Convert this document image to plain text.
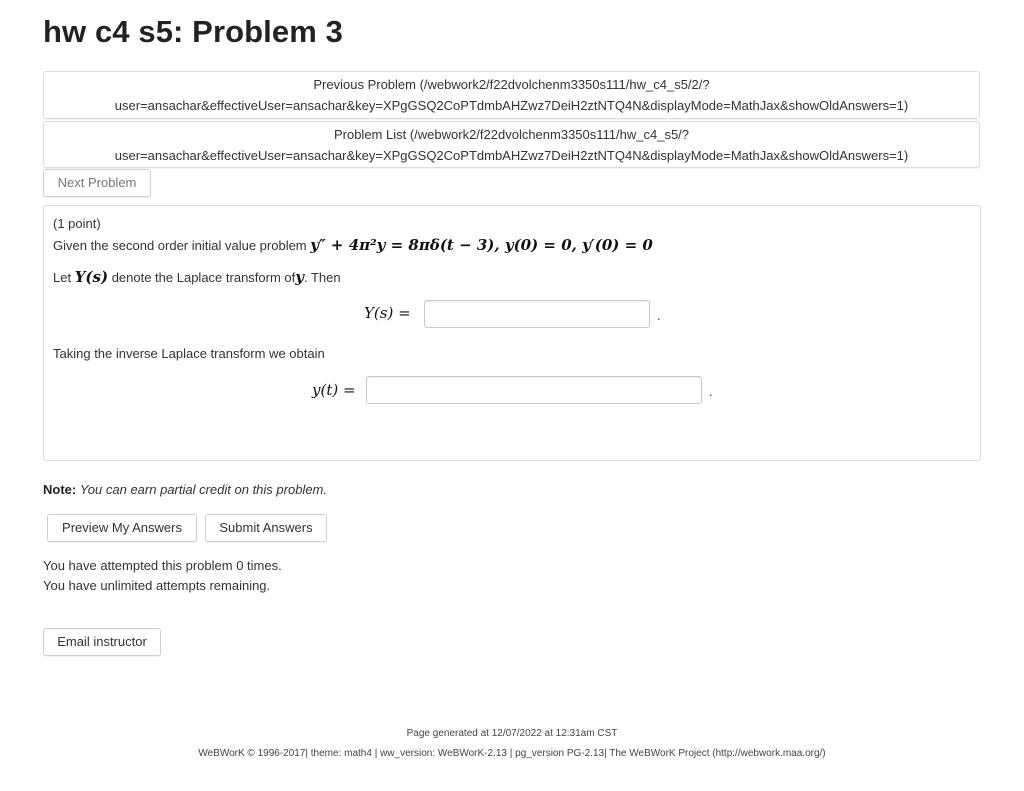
hw c4 s5: Problem 3
Previous Problem (/webwork2/f22dvolchenm3350s111/hw_c4_s5/2/?
user=ansachar&effectiveUser=ansachar&key=XPgGSQ2CoPTdmbAHZwz7DeiH2ztNTQ4N&displayMode=MathJax&showOldAnswers=1)
Problem List (/webwork2/f22dvolchenm3350s111/hw_c4_s5/?
user=ansachar&effectiveUser=ansachar&key=XPgGSQ2CoPTdmbAHZwz7DeiH2ztNTQ4N&displayMode=MathJax&showOldAnswers=1)
Next Problem
(1 point)
Given the second order initial value problem y″ + 4π²y = 8πδ(t − 3), y(0) = 0, y′(0) = 0
Let Y(s) denote the Laplace transform ofy. Then
Y(s) =	.
Taking the inverse Laplace transform we obtain
y(t) =	.
Note: You can earn partial credit on this problem.
Preview My Answers	Submit Answers
You have attempted this problem 0 times.
You have unlimited attempts remaining.
Email instructor
Page generated at 12/07/2022 at 12:31am CST
WeBWorK © 1996-2017| theme: math4 | ww_version: WeBWorK-2.13 | pg_version PG-2.13| The WeBWorK Project (http://webwork.maa.org/)
